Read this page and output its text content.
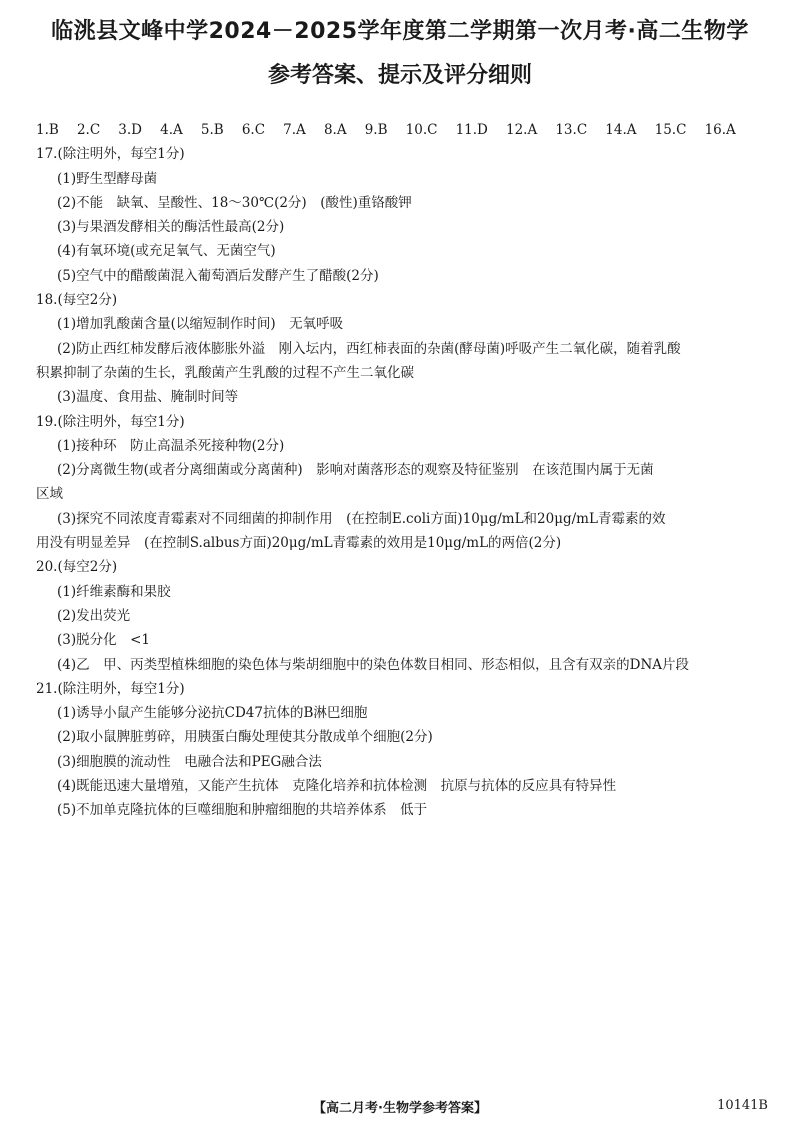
临洮县文峰中学2024－2025学年度第二学期第一次月考·高二生物学
参考答案、提示及评分细则
1.B 2.C 3.D 4.A 5.B 6.C 7.A 8.A 9.B 10.C 11.D 12.A 13.C 14.A 15.C 16.A

17.(除注明外，每空1分)

(1)野生型酵母菌

(2)不能　缺氧、呈酸性、18～30℃(2分)　(酸性)重铬酸钾

(3)与果酒发酵相关的酶活性最高(2分)

(4)有氧环境(或充足氧气、无菌空气)

(5)空气中的醋酸菌混入葡萄酒后发酵产生了醋酸(2分)

18.(每空2分)

(1)增加乳酸菌含量(以缩短制作时间)　无氧呼吸

(2)防止西红柿发酵后液体膨胀外溢　刚入坛内，西红柿表面的杂菌(酵母菌)呼吸产生二氧化碳，随着乳酸

积累抑制了杂菌的生长，乳酸菌产生乳酸的过程不产生二氧化碳

(3)温度、食用盐、腌制时间等

19.(除注明外，每空1分)

(1)接种环　防止高温杀死接种物(2分)

(2)分离微生物(或者分离细菌或分离菌种)　影响对菌落形态的观察及特征鉴别　在该范围内属于无菌

区域

(3)探究不同浓度青霉素对不同细菌的抑制作用　(在控制E.coli方面)10μg/mL和20μg/mL青霉素的效

用没有明显差异　(在控制S.albus方面)20μg/mL青霉素的效用是10μg/mL的两倍(2分)

20.(每空2分)

(1)纤维素酶和果胶

(2)发出荧光

(3)脱分化　<1

(4)乙　甲、丙类型植株细胞的染色体与柴胡细胞中的染色体数目相同、形态相似，且含有双亲的DNA片段

21.(除注明外，每空1分)

(1)诱导小鼠产生能够分泌抗CD47抗体的B淋巴细胞

(2)取小鼠脾脏剪碎，用胰蛋白酶处理使其分散成单个细胞(2分)

(3)细胞膜的流动性　电融合法和PEG融合法

(4)既能迅速大量增殖，又能产生抗体　克隆化培养和抗体检测　抗原与抗体的反应具有特异性

(5)不加单克隆抗体的巨噬细胞和肿瘤细胞的共培养体系　低于

【高二月考·生物学参考答案】	10141B
